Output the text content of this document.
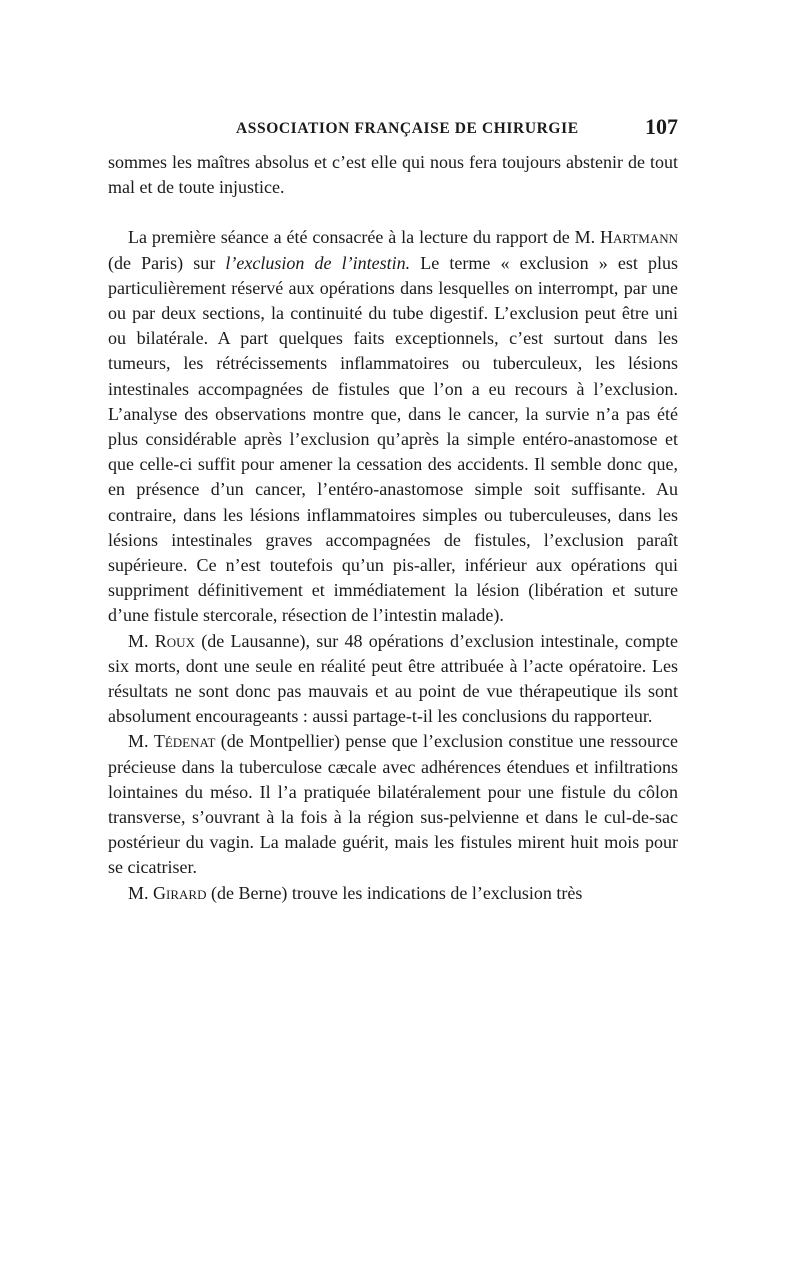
ASSOCIATION FRANÇAISE DE CHIRURGIE	107

sommes les maîtres absolus et c’est elle qui nous fera toujours abstenir de tout mal et de toute injustice.

La première séance a été consacrée à la lecture du rapport de M. Hartmann (de Paris) sur l’exclusion de l’intestin. Le terme « exclusion » est plus particulièrement réservé aux opérations dans lesquelles on interrompt, par une ou par deux sections, la continuité du tube digestif. L’exclusion peut être uni ou bilatérale. A part quelques faits exceptionnels, c’est surtout dans les tumeurs, les rétrécissements inflammatoires ou tuberculeux, les lésions intestinales accompagnées de fistules que l’on a eu recours à l’exclusion. L’analyse des observations montre que, dans le cancer, la survie n’a pas été plus considérable après l’exclusion qu’après la simple entéro-anastomose et que celle-ci suffit pour amener la cessation des accidents. Il semble donc que, en présence d’un cancer, l’entéro-anastomose simple soit suffisante. Au contraire, dans les lésions inflammatoires simples ou tuberculeuses, dans les lésions intestinales graves accompagnées de fistules, l’exclusion paraît supérieure. Ce n’est toutefois qu’un pis-aller, inférieur aux opérations qui suppriment définitivement et immédiatement la lésion (libération et suture d’une fistule stercorale, résection de l’intestin malade).

M. Roux (de Lausanne), sur 48 opérations d’exclusion intestinale, compte six morts, dont une seule en réalité peut être attribuée à l’acte opératoire. Les résultats ne sont donc pas mauvais et au point de vue thérapeutique ils sont absolument encourageants : aussi partage-t-il les conclusions du rapporteur.

M. Tédenat (de Montpellier) pense que l’exclusion constitue une ressource précieuse dans la tuberculose cæcale avec adhérences étendues et infiltrations lointaines du méso. Il l’a pratiquée bilatéralement pour une fistule du côlon transverse, s’ouvrant à la fois à la région sus-pelvienne et dans le cul-de-sac postérieur du vagin. La malade guérit, mais les fistules mirent huit mois pour se cicatriser.

M. Girard (de Berne) trouve les indications de l’exclusion très
